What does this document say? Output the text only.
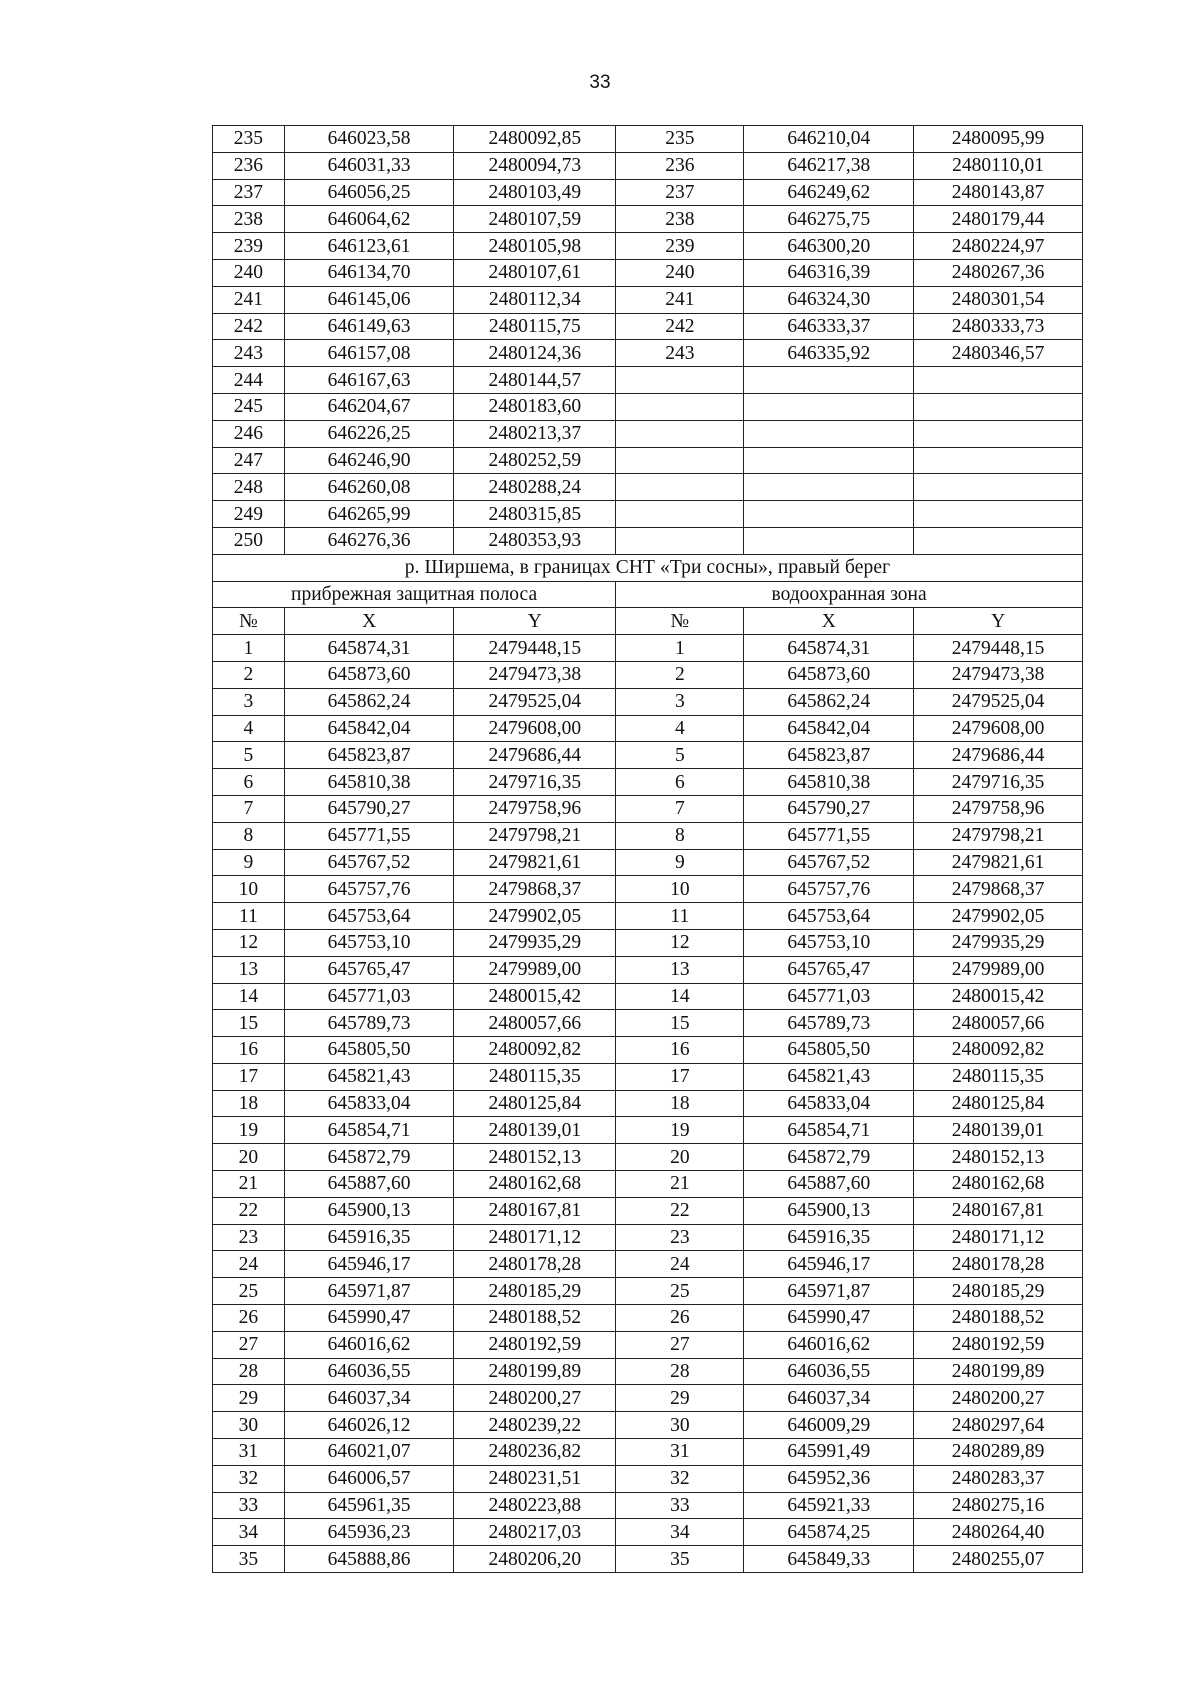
33
235	646023,58	2480092,85	235	646210,04	2480095,99
236	646031,33	2480094,73	236	646217,38	2480110,01
237	646056,25	2480103,49	237	646249,62	2480143,87
238	646064,62	2480107,59	238	646275,75	2480179,44
239	646123,61	2480105,98	239	646300,20	2480224,97
240	646134,70	2480107,61	240	646316,39	2480267,36
241	646145,06	2480112,34	241	646324,30	2480301,54
242	646149,63	2480115,75	242	646333,37	2480333,73
243	646157,08	2480124,36	243	646335,92	2480346,57
244	646167,63	2480144,57			
245	646204,67	2480183,60			
246	646226,25	2480213,37			
247	646246,90	2480252,59			
248	646260,08	2480288,24			
249	646265,99	2480315,85			
250	646276,36	2480353,93			
р. Ширшема, в границах СНТ «Три сосны», правый берег					
прибрежная защитная полоса			водоохранная зона		
№	X	Y	№	X	Y
1	645874,31	2479448,15	1	645874,31	2479448,15
2	645873,60	2479473,38	2	645873,60	2479473,38
3	645862,24	2479525,04	3	645862,24	2479525,04
4	645842,04	2479608,00	4	645842,04	2479608,00
5	645823,87	2479686,44	5	645823,87	2479686,44
6	645810,38	2479716,35	6	645810,38	2479716,35
7	645790,27	2479758,96	7	645790,27	2479758,96
8	645771,55	2479798,21	8	645771,55	2479798,21
9	645767,52	2479821,61	9	645767,52	2479821,61
10	645757,76	2479868,37	10	645757,76	2479868,37
11	645753,64	2479902,05	11	645753,64	2479902,05
12	645753,10	2479935,29	12	645753,10	2479935,29
13	645765,47	2479989,00	13	645765,47	2479989,00
14	645771,03	2480015,42	14	645771,03	2480015,42
15	645789,73	2480057,66	15	645789,73	2480057,66
16	645805,50	2480092,82	16	645805,50	2480092,82
17	645821,43	2480115,35	17	645821,43	2480115,35
18	645833,04	2480125,84	18	645833,04	2480125,84
19	645854,71	2480139,01	19	645854,71	2480139,01
20	645872,79	2480152,13	20	645872,79	2480152,13
21	645887,60	2480162,68	21	645887,60	2480162,68
22	645900,13	2480167,81	22	645900,13	2480167,81
23	645916,35	2480171,12	23	645916,35	2480171,12
24	645946,17	2480178,28	24	645946,17	2480178,28
25	645971,87	2480185,29	25	645971,87	2480185,29
26	645990,47	2480188,52	26	645990,47	2480188,52
27	646016,62	2480192,59	27	646016,62	2480192,59
28	646036,55	2480199,89	28	646036,55	2480199,89
29	646037,34	2480200,27	29	646037,34	2480200,27
30	646026,12	2480239,22	30	646009,29	2480297,64
31	646021,07	2480236,82	31	645991,49	2480289,89
32	646006,57	2480231,51	32	645952,36	2480283,37
33	645961,35	2480223,88	33	645921,33	2480275,16
34	645936,23	2480217,03	34	645874,25	2480264,40
35	645888,86	2480206,20	35	645849,33	2480255,07
